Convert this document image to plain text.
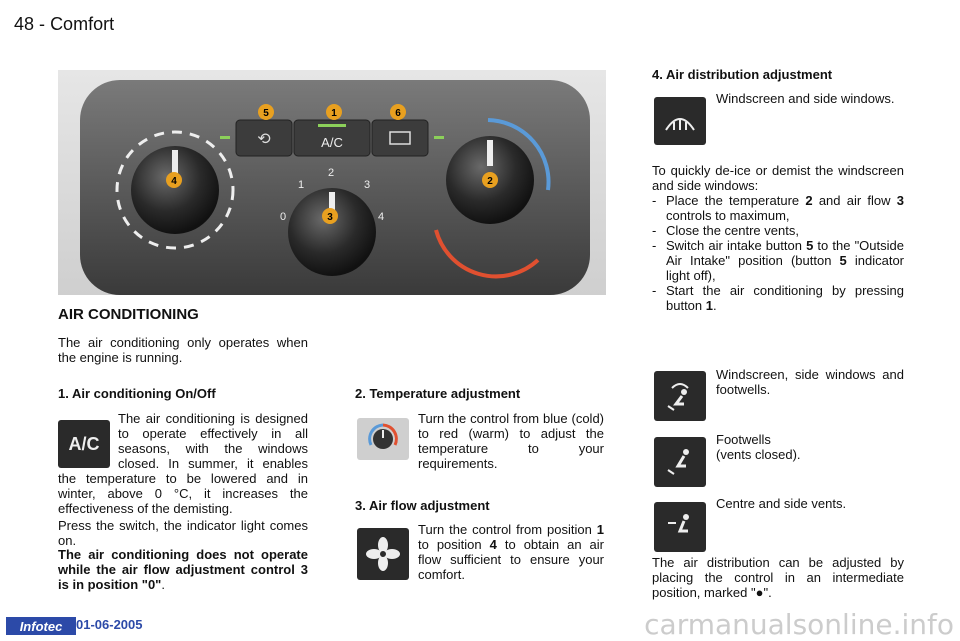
48 - Comfort
⟲	A/C
1
2
3
0	4
5	1	6
4
3
2
AIR CONDITIONING
The air conditioning only operates when the engine is running.
1. Air conditioning On/Off
A/C
The air conditioning is designed to operate effectively in all seasons, with the windows closed. In summer, it enables the temperature to be lowered and in winter, above 0 °C, it increases the effectiveness of the demisting.
Press the switch, the indicator light comes on.
The air conditioning does not operate while the air flow adjustment control 3 is in position "0".
2. Temperature adjustment
Turn the control from blue (cold) to red (warm) to adjust the temperature to your requirements.
3. Air flow adjustment
Turn the control from position 1 to position 4 to obtain an air flow sufficient to ensure your comfort.
4. Air distribution adjustment
Windscreen and side windows.
To quickly de-ice or demist the windscreen and side windows:
- Place the temperature 2 and air flow 3 controls to maximum,
- Close the centre vents,
- Switch air intake button 5 to the "Outside Air Intake" position (button 5 indicator light off),
- Start the air conditioning by pressing button 1.
Windscreen, side windows and footwells.
Footwells
(vents closed).
Centre and side vents.
The air distribution can be adjusted by placing the control in an intermediate position, marked "●".
Infotec	01-06-2005	carmanualsonline.info
